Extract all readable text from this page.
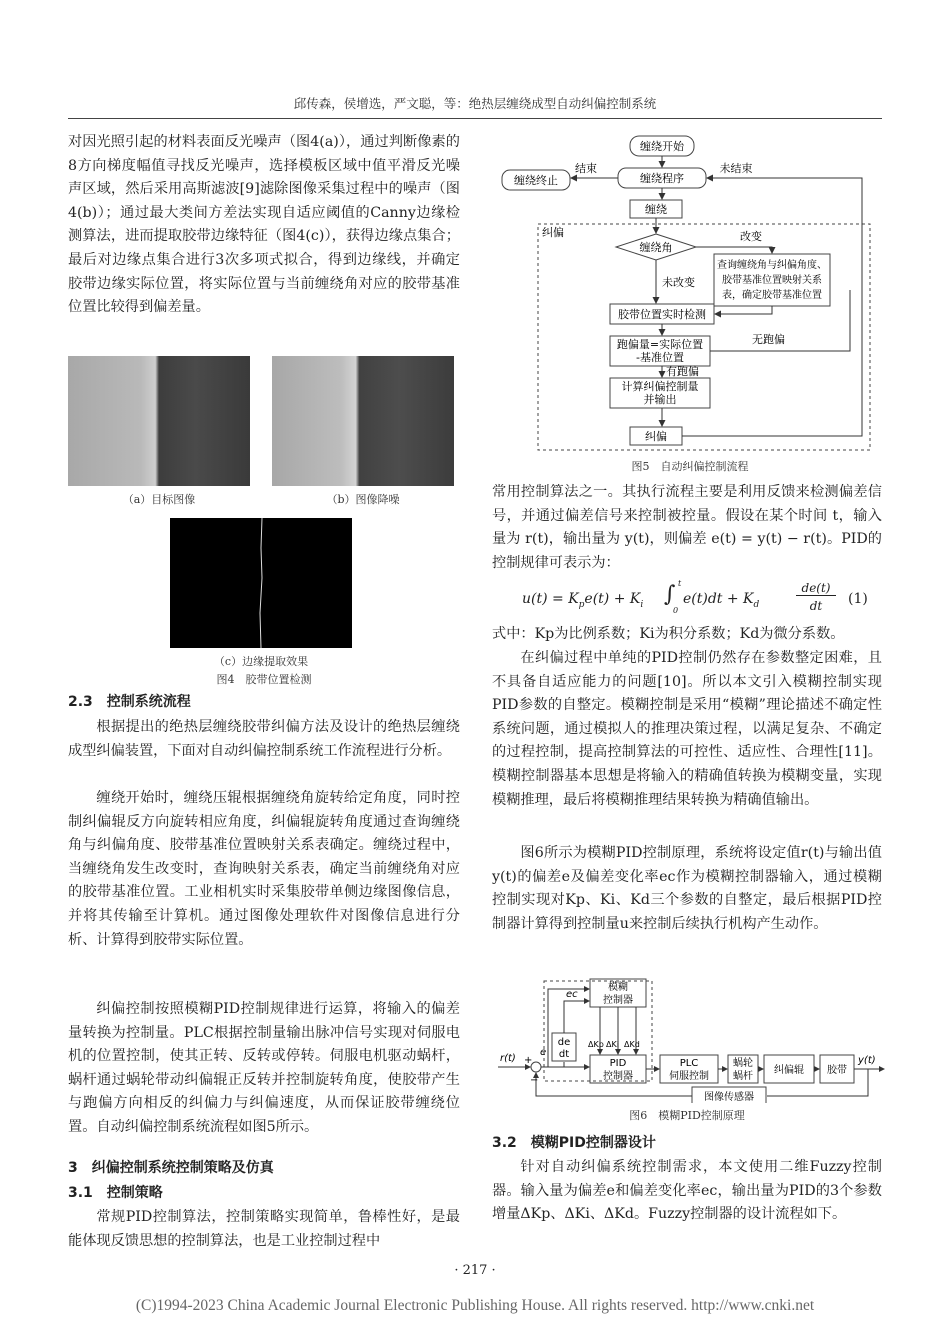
邱传森，侯增选，严文聪，等：绝热层缠绕成型自动纠偏控制系统

对因光照引起的材料表面反光噪声（图4(a)），通过判断像素的8方向梯度幅值寻找反光噪声，选择模板区域中值平滑反光噪声区域，然后采用高斯滤波[9]滤除图像采集过程中的噪声（图4(b)）；通过最大类间方差法实现自适应阈值的Canny边缘检测算法，进而提取胶带边缘特征（图4(c)），获得边缘点集合；最后对边缘点集合进行3次多项式拟合，得到边缘线，并确定胶带边缘实际位置，将实际位置与当前缠绕角对应的胶带基准位置比较得到偏差量。

（a）目标图像	（b）图像降噪
（c）边缘提取效果
图4　胶带位置检测

2.3　控制系统流程

根据提出的绝热层缠绕胶带纠偏方法及设计的绝热层缠绕成型纠偏装置，下面对自动纠偏控制系统工作流程进行分析。

缠绕开始时，缠绕压辊根据缠绕角旋转给定角度，同时控制纠偏辊反方向旋转相应角度，纠偏辊旋转角度通过查询缠绕角与纠偏角度、胶带基准位置映射关系表确定。缠绕过程中，当缠绕角发生改变时，查询映射关系表，确定当前缠绕角对应的胶带基准位置。工业相机实时采集胶带单侧边缘图像信息，并将其传输至计算机。通过图像处理软件对图像信息进行分析、计算得到胶带实际位置。

纠偏控制按照模糊PID控制规律进行运算，将输入的偏差量转换为控制量。PLC根据控制量输出脉冲信号实现对伺服电机的位置控制，使其正转、反转或停转。伺服电机驱动蜗杆，蜗杆通过蜗轮带动纠偏辊正反转并控制旋转角度，使胶带产生与跑偏方向相反的纠偏力与纠偏速度，从而保证胶带缠绕位置。自动纠偏控制系统流程如图5所示。

3　纠偏控制系统控制策略及仿真

3.1　控制策略

常规PID控制算法，控制策略实现简单，鲁棒性好，是最能体现反馈思想的控制算法，也是工业控制过程中

缠绕开始
缠绕程序
缠绕终止
结束	未结束
缠绕
纠偏
缠绕角
改变
未改变
查询缠绕角与纠偏角度、
胶带基准位置映射关系
表，确定胶带基准位置
胶带位置实时检测
跑偏量=实际位置
-基准位置
无跑偏
有跑偏
计算纠偏控制量
并输出
纠偏
图5　自动纠偏控制流程

常用控制算法之一。其执行流程主要是利用反馈来检测偏差信号，并通过偏差信号来控制被控量。假设在某个时间 t，输入量为 r(t)，输出量为 y(t)，则偏差 e(t) = y(t) − r(t)。PID的控制规律可表示为：

$u(t) = K_pe(t) + K_i$ ∫ t
0
$e(t)dt + K_d$
de(t)
dt	(1)

式中：Kp为比例系数；Ki为积分系数；Kd为微分系数。

在纠偏过程中单纯的PID控制仍然存在参数整定困难，且不具备自适应能力的问题[10]。所以本文引入模糊控制实现PID参数的自整定。模糊控制是采用“模糊”理论描述不确定性系统问题，通过模拟人的推理决策过程，以满足复杂、不确定的过程控制，提高控制算法的可控性、适应性、合理性[11]。模糊控制器基本思想是将输入的精确值转换为模糊变量，实现模糊推理，最后将模糊推理结果转换为精确值输出。

图6所示为模糊PID控制原理，系统将设定值r(t)与输出值y(t)的偏差e及偏差变化率ec作为模糊控制器输入，通过模糊控制实现对Kp、Ki、Kd三个参数的自整定，最后根据PID控制器计算得到控制量u来控制后续执行机构产生动作。

模糊
控制器
ec
de
dt
e
r(t) +
−
ΔKp ΔKi ΔKd
PID
控制器
PLC
伺服控制
蜗轮
蜗杆
纠偏辊 胶带
y(t)
图像传感器
图6　模糊PID控制原理

3.2　模糊PID控制器设计

针对自动纠偏系统控制需求，本文使用二维Fuzzy控制器。输入量为偏差e和偏差变化率ec，输出量为PID的3个参数增量ΔKp、ΔKi、ΔKd。Fuzzy控制器的设计流程如下。

· 217 ·
(C)1994-2023 China Academic Journal Electronic Publishing House. All rights reserved. http://www.cnki.net
